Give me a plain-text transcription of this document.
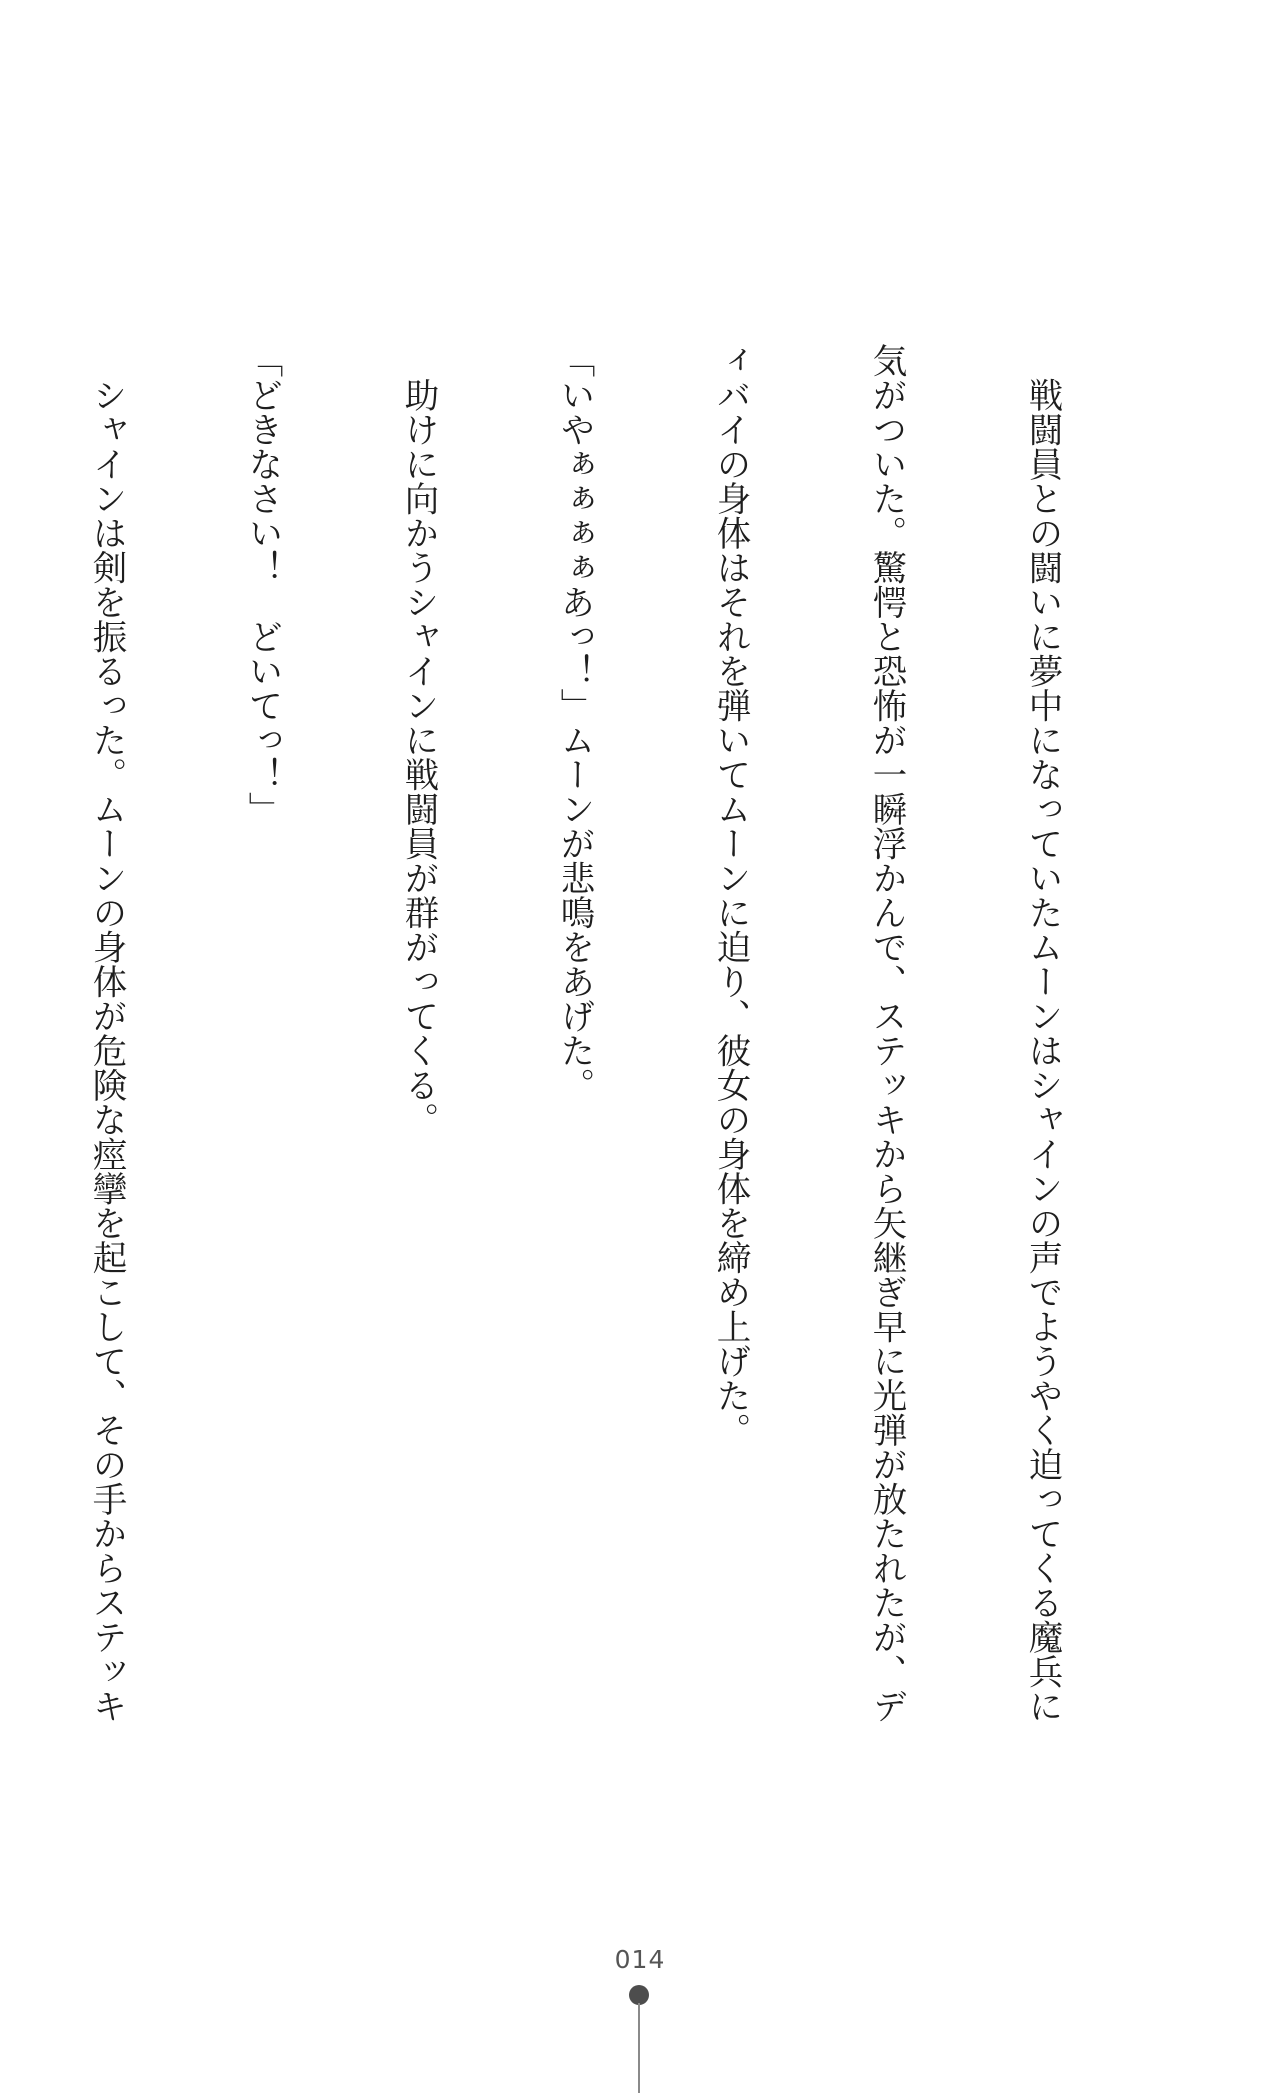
　戦闘員との闘いに夢中になっていたムーンはシャインの声でようやく迫ってくる魔兵に

気がついた。驚愕と恐怖が一瞬浮かんで、ステッキから矢継ぎ早に光弾が放たれたが、デ

ィバイの身体はそれを弾いてムーンに迫り、彼女の身体を締め上げた。

「いやぁぁぁぁあっ！」ムーンが悲鳴をあげた。

　助けに向かうシャインに戦闘員が群がってくる。

「どきなさい！　どいてっ！」

　シャインは剣を振るった。ムーンの身体が危険な痙攣を起こして、その手からステッキ

014
